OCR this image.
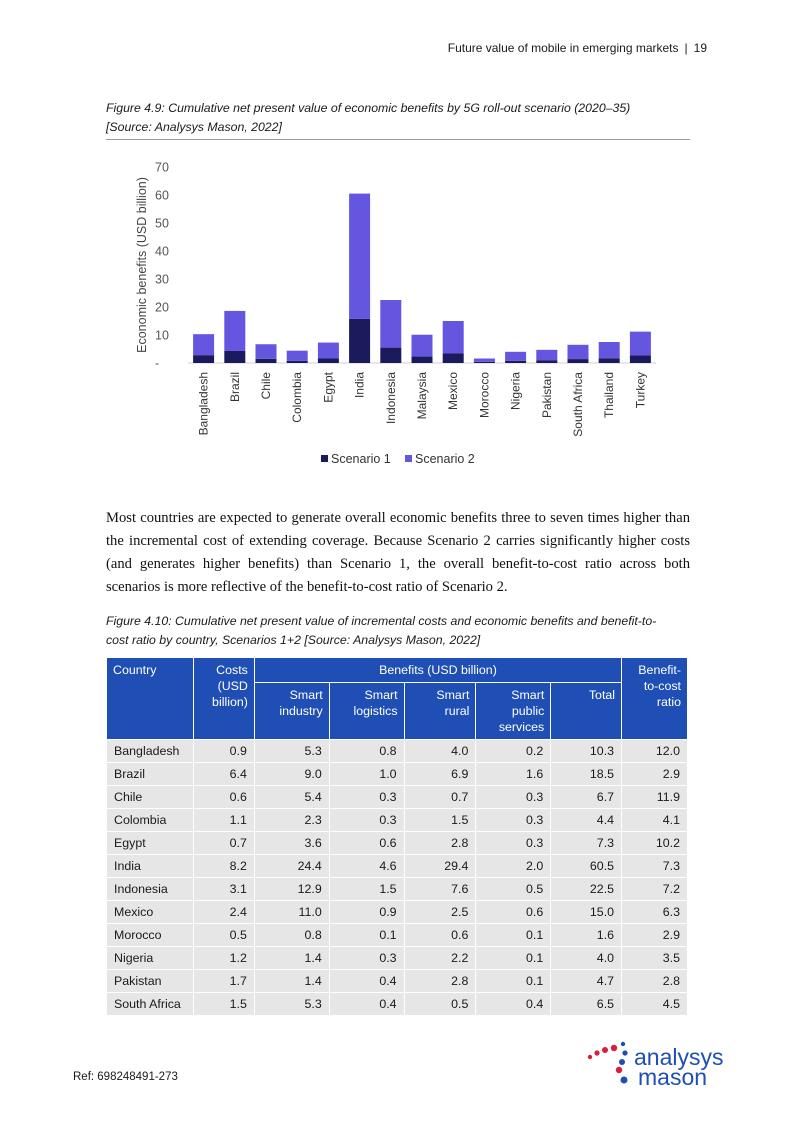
Future value of mobile in emerging markets | 19
Figure 4.9: Cumulative net present value of economic benefits by 5G roll-out scenario (2020–35)
[Source: Analysys Mason, 2022]
-
10
20
30
40
50
60
70
Economic benefits (USD billion)
Bangladesh Brazil Chile Colombia Egypt India Indonesia Malaysia Mexico Morocco Nigeria Pakistan South Africa Thailand Turkey
Scenario 1 Scenario 2
Most countries are expected to generate overall economic benefits three to seven times higher than the incremental cost of extending coverage. Because Scenario 2 carries significantly higher costs (and generates higher benefits) than Scenario 1, the overall benefit-to-cost ratio across both scenarios is more reflective of the benefit-to-cost ratio of Scenario 2.
Figure 4.10: Cumulative net present value of incremental costs and economic benefits and benefit-to-
cost ratio by country, Scenarios 1+2 [Source: Analysys Mason, 2022]
Country	Costs (USD billion)	Benefits (USD billion)					Benefit-to-cost ratio
		Smart industry	Smart logistics	Smart rural	Smart public services	Total	
Bangladesh	0.9	5.3	0.8	4.0	0.2	10.3	12.0
Brazil	6.4	9.0	1.0	6.9	1.6	18.5	2.9
Chile	0.6	5.4	0.3	0.7	0.3	6.7	11.9
Colombia	1.1	2.3	0.3	1.5	0.3	4.4	4.1
Egypt	0.7	3.6	0.6	2.8	0.3	7.3	10.2
India	8.2	24.4	4.6	29.4	2.0	60.5	7.3
Indonesia	3.1	12.9	1.5	7.6	0.5	22.5	7.2
Mexico	2.4	11.0	0.9	2.5	0.6	15.0	6.3
Morocco	0.5	0.8	0.1	0.6	0.1	1.6	2.9
Nigeria	1.2	1.4	0.3	2.2	0.1	4.0	3.5
Pakistan	1.7	1.4	0.4	2.8	0.1	4.7	2.8
South Africa	1.5	5.3	0.4	0.5	0.4	6.5	4.5
Ref: 698248491-273
analysys
mason
